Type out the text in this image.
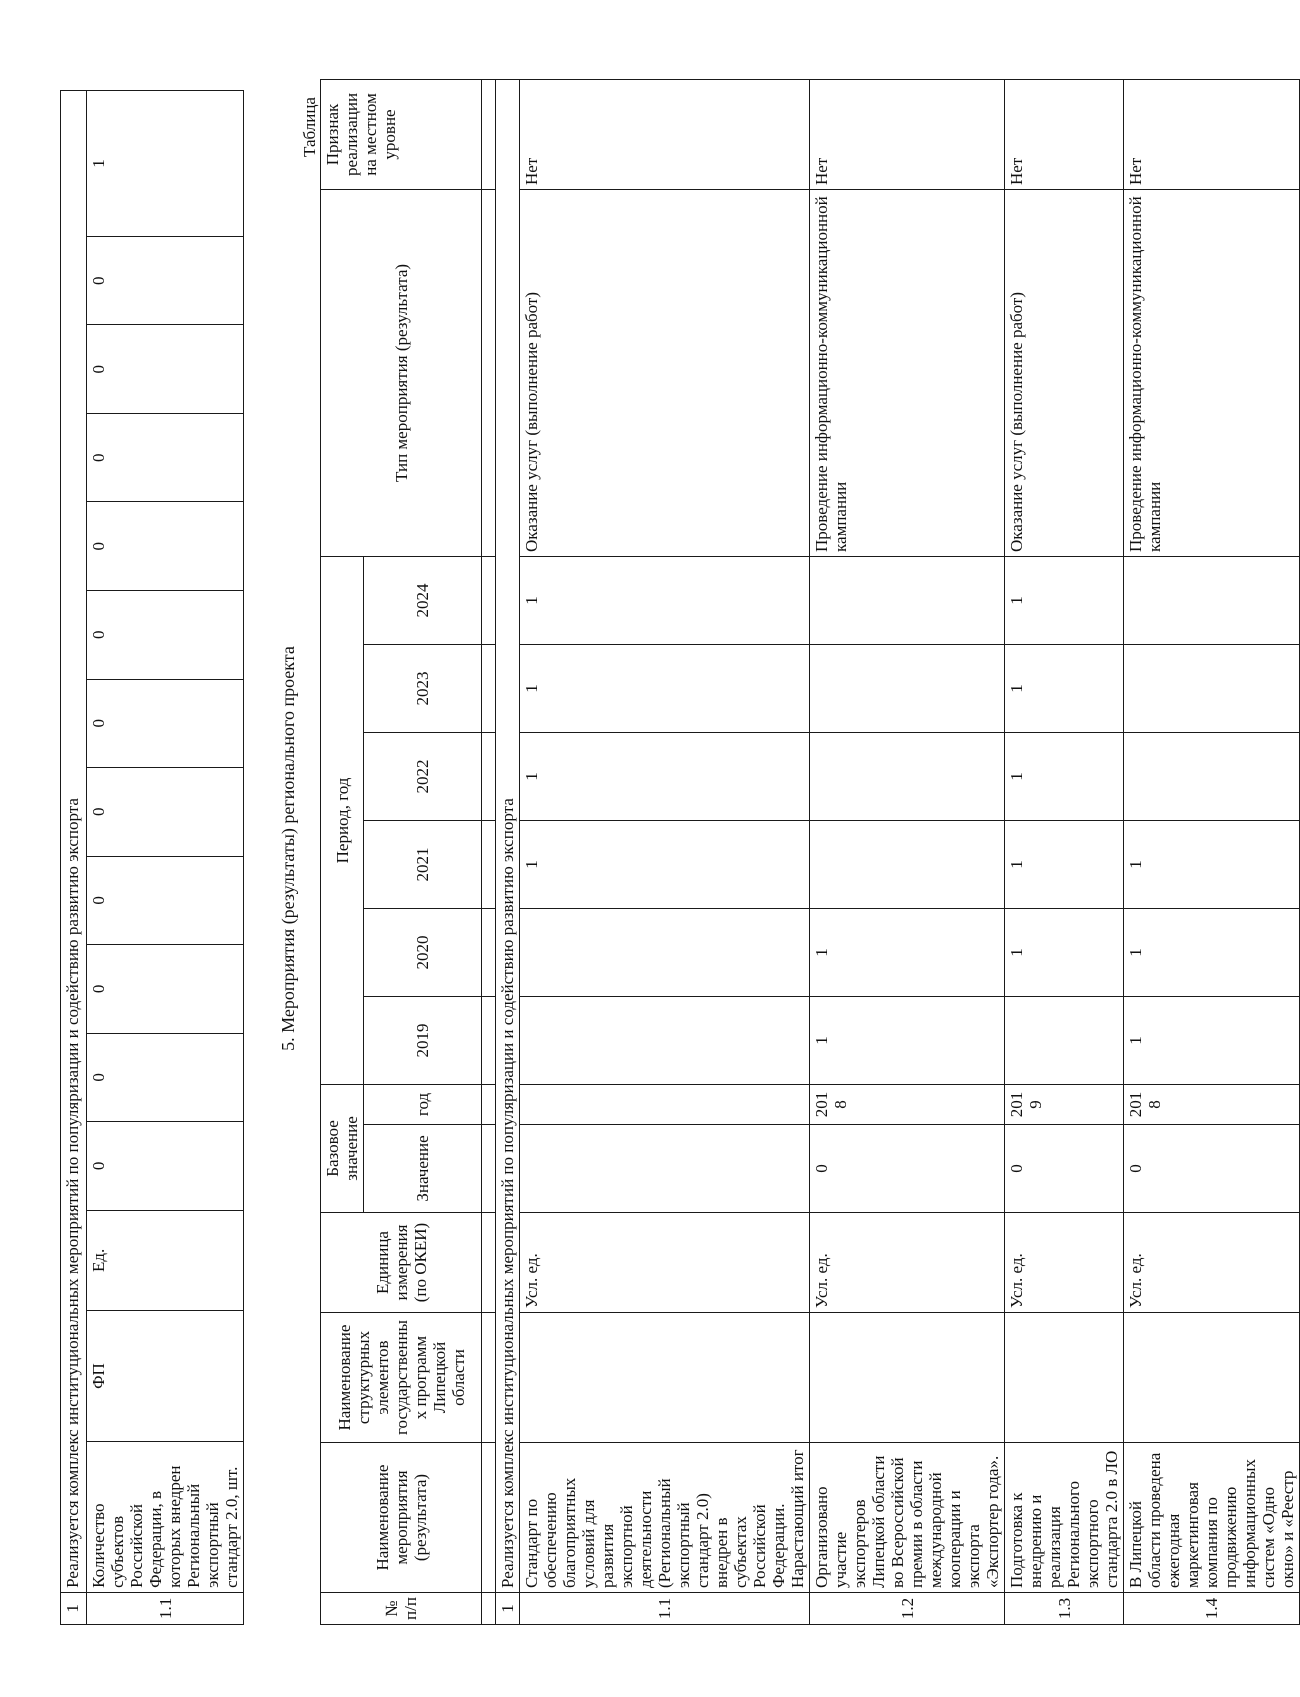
1	Реализуется комплекс институциональных мероприятий по популяризации и содействию развитию экспорта														
1.1	Количество субъектов Российской Федерации, в которых внедрен Региональный экспортный стандарт 2.0, шт.	ФП	Ед.	0	0	0	0	0	0	0	0	0	0	0	1
5. Мероприятия (результаты) регионального проекта
Таблица
№ п/п	Наименование мероприятия (результата)	Наименование структурных элементов государственных программ Липецкой области	Единица измерения (по ОКЕИ)	Базовое значение		Период, год						Тип мероприятия (результата)	Признак реализации на местном уровне
				Значение	год	2019	2020	2021	2022	2023	2024		

1	Реализуется комплекс институциональных мероприятий по популяризации и содействию развитию экспорта												
1.1	Стандарт по обеспечению благоприятных условий для развития экспортной деятельности (Региональный экспортный стандарт 2.0) внедрен в субъектах Российской Федерации. Нарастающий итог		Усл. ед.					1	1	1	1	Оказание услуг (выполнение работ)	Нет
1.2	Организовано участие экспортеров Липецкой области во Всероссийской премии в области международной кооперации и экспорта «Экспортер года».		Усл. ед.	0	2018	1	1					Проведение информационно-коммуникационной кампании	Нет
1.3	Подготовка к внедрению и реализация Регионального экспортного стандарта 2.0 в ЛО		Усл. ед.	0	2019		1	1	1	1	1	Оказание услуг (выполнение работ)	Нет
1.4	В Липецкой области проведена ежегодная маркетинговая компания по продвижению информационных систем «Одно окно» и «Реестр		Усл. ед.	0	2018	1	1	1				Проведение информационно-коммуникационной кампании	Нет
